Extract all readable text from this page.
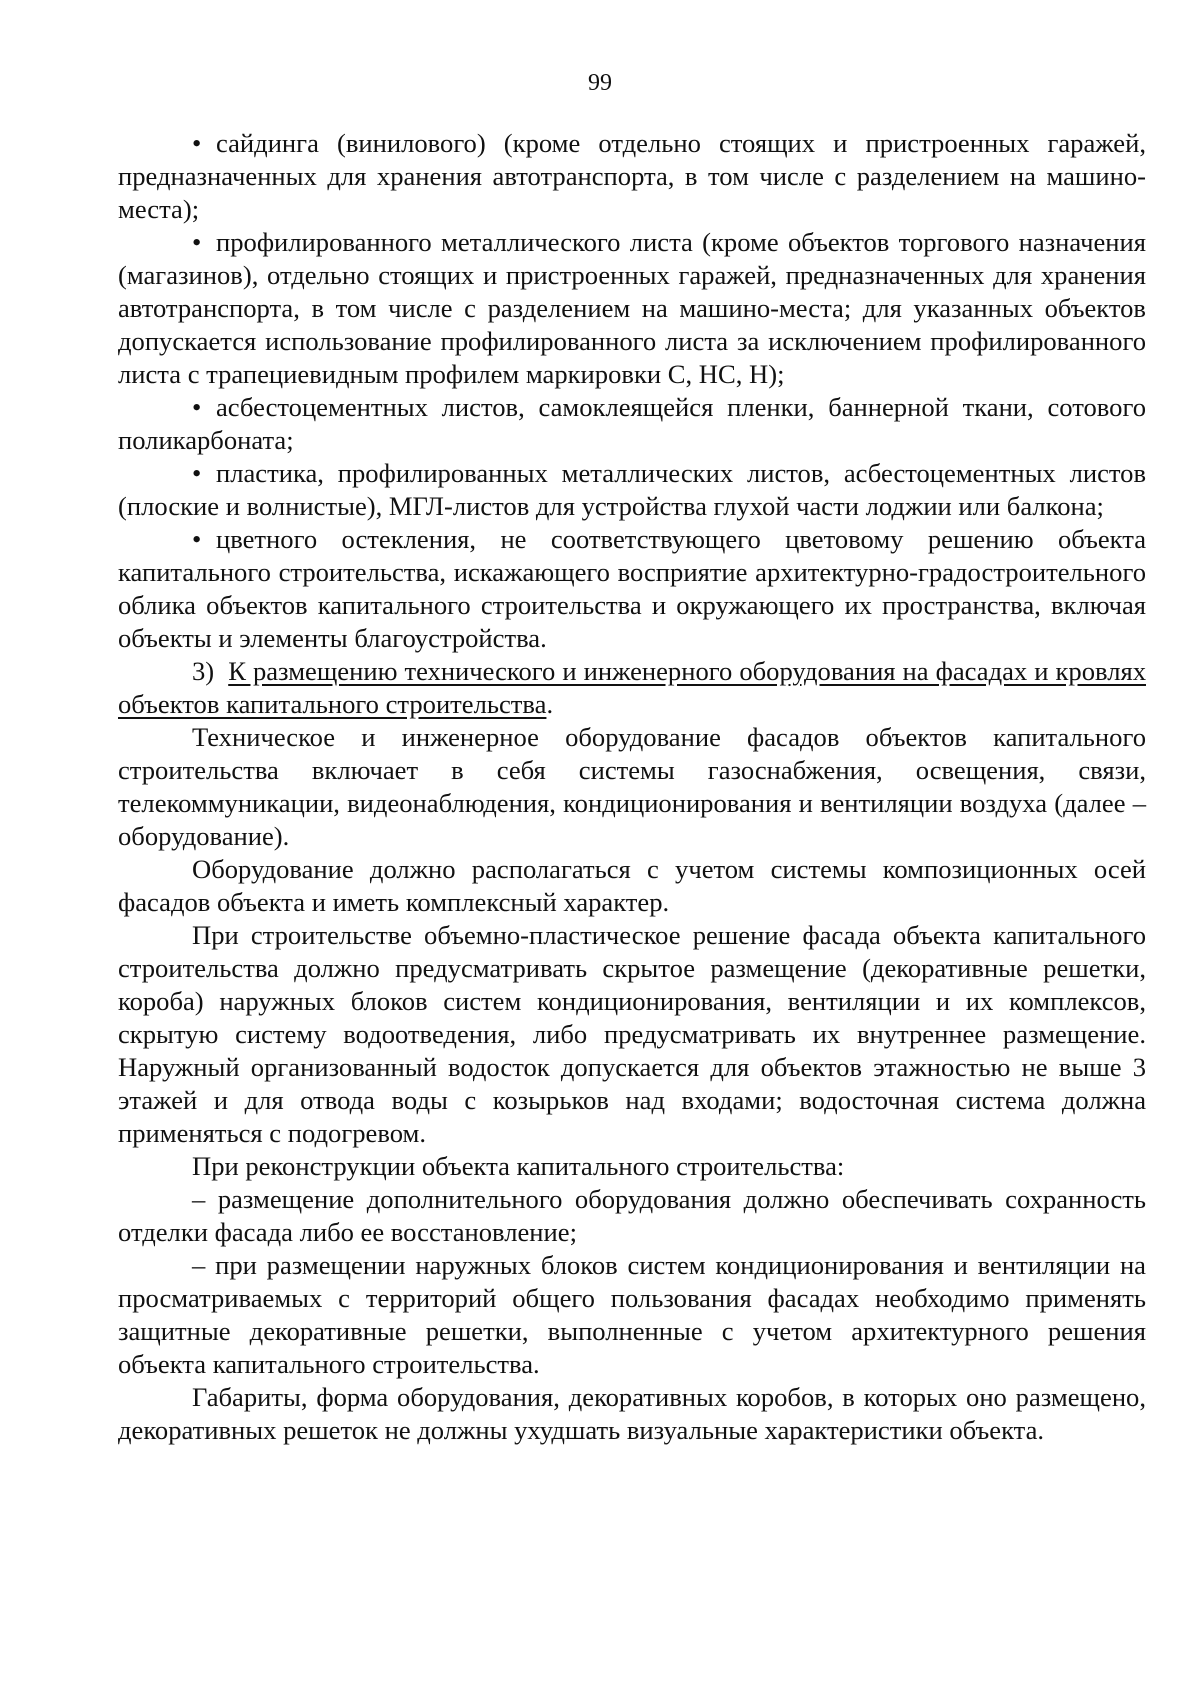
99

• сайдинга (винилового) (кроме отдельно стоящих и пристроенных гаражей, предназначенных для хранения автотранспорта, в том числе с разделением на машино-места);

• профилированного металлического листа (кроме объектов торгового назначения (магазинов), отдельно стоящих и пристроенных гаражей, предназначенных для хранения автотранспорта, в том числе с разделением на машино-места; для указанных объектов допускается использование профилированного листа за исключением профилированного листа с трапециевидным профилем маркировки С, НС, Н);

• асбестоцементных листов, самоклеящейся пленки, баннерной ткани, сотового поликарбоната;

• пластика, профилированных металлических листов, асбестоцементных листов (плоские и волнистые), МГЛ-листов для устройства глухой части лоджии или балкона;

• цветного остекления, не соответствующего цветовому решению объекта капитального строительства, искажающего восприятие архитектурно-градостроительного облика объектов капитального строительства и окружающего их пространства, включая объекты и элементы благоустройства.

3) К размещению технического и инженерного оборудования на фасадах и кровлях объектов капитального строительства.

Техническое и инженерное оборудование фасадов объектов капитального строительства включает в себя системы газоснабжения, освещения, связи, телекоммуникации, видеонаблюдения, кондиционирования и вентиляции воздуха (далее – оборудование).

Оборудование должно располагаться с учетом системы композиционных осей фасадов объекта и иметь комплексный характер.

При строительстве объемно-пластическое решение фасада объекта капитального строительства должно предусматривать скрытое размещение (декоративные решетки, короба) наружных блоков систем кондиционирования, вентиляции и их комплексов, скрытую систему водоотведения, либо предусматривать их внутреннее размещение. Наружный организованный водосток допускается для объектов этажностью не выше 3 этажей и для отвода воды с козырьков над входами; водосточная система должна применяться с подогревом.

При реконструкции объекта капитального строительства:

– размещение дополнительного оборудования должно обеспечивать сохранность отделки фасада либо ее восстановление;

– при размещении наружных блоков систем кондиционирования и вентиляции на просматриваемых с территорий общего пользования фасадах необходимо применять защитные декоративные решетки, выполненные с учетом архитектурного решения объекта капитального строительства.

Габариты, форма оборудования, декоративных коробов, в которых оно размещено, декоративных решеток не должны ухудшать визуальные характеристики объекта.
